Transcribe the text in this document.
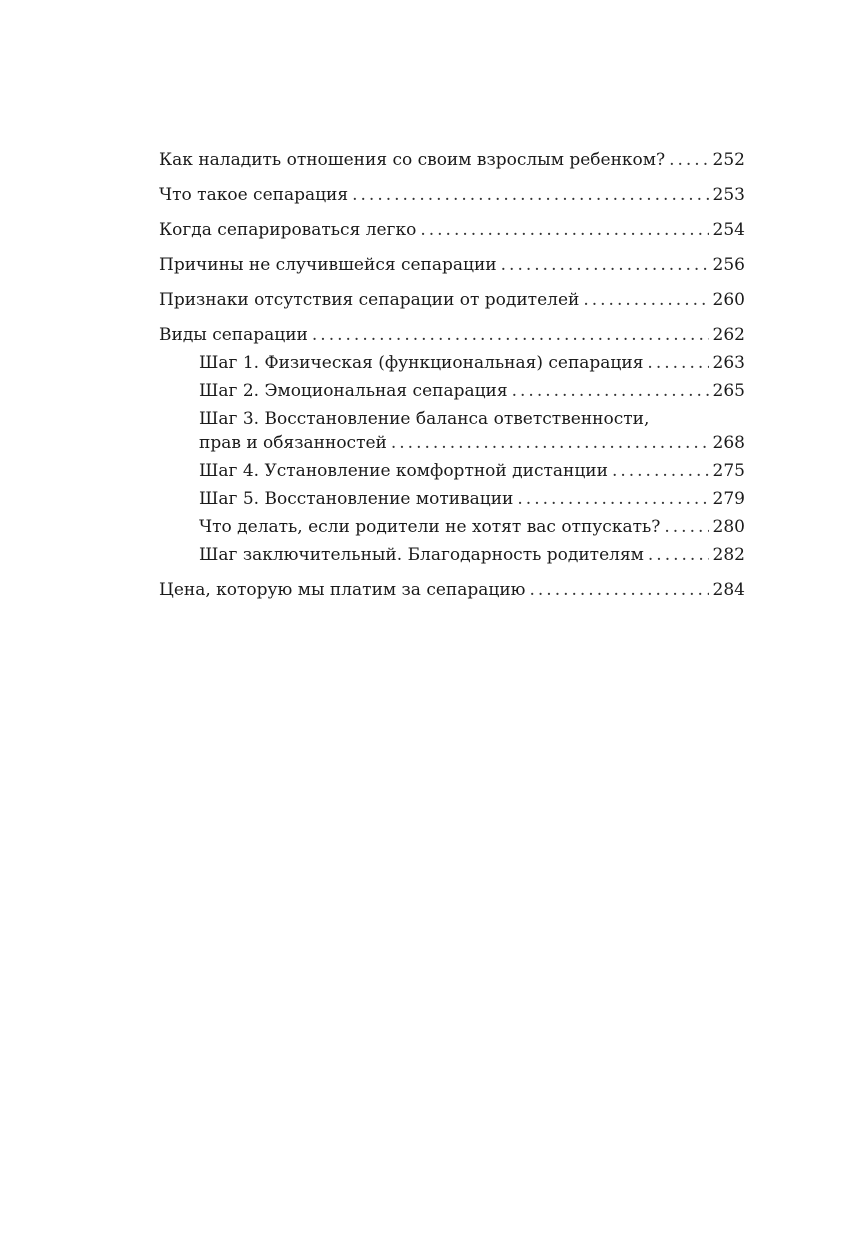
Как наладить отношения со своим взрослым ребенком? .....	252
Что такое сепарация .....	253
Когда сепарироваться легко .....	254
Причины не случившейся сепарации .....	256
Признаки отсутствия сепарации от родителей .....	260
Виды сепарации .....	262
Шаг 1. Физическая (функциональная) сепарация .....	263
Шаг 2. Эмоциональная сепарация .....	265
Шаг 3. Восстановление баланса ответственности,
прав и обязанностей .....	268
Шаг 4. Установление комфортной дистанции .....	275
Шаг 5. Восстановление мотивации .....	279
Что делать, если родители не хотят вас отпускать? .....	280
Шаг заключительный. Благодарность родителям .....	282
Цена, которую мы платим за сепарацию .....	284
